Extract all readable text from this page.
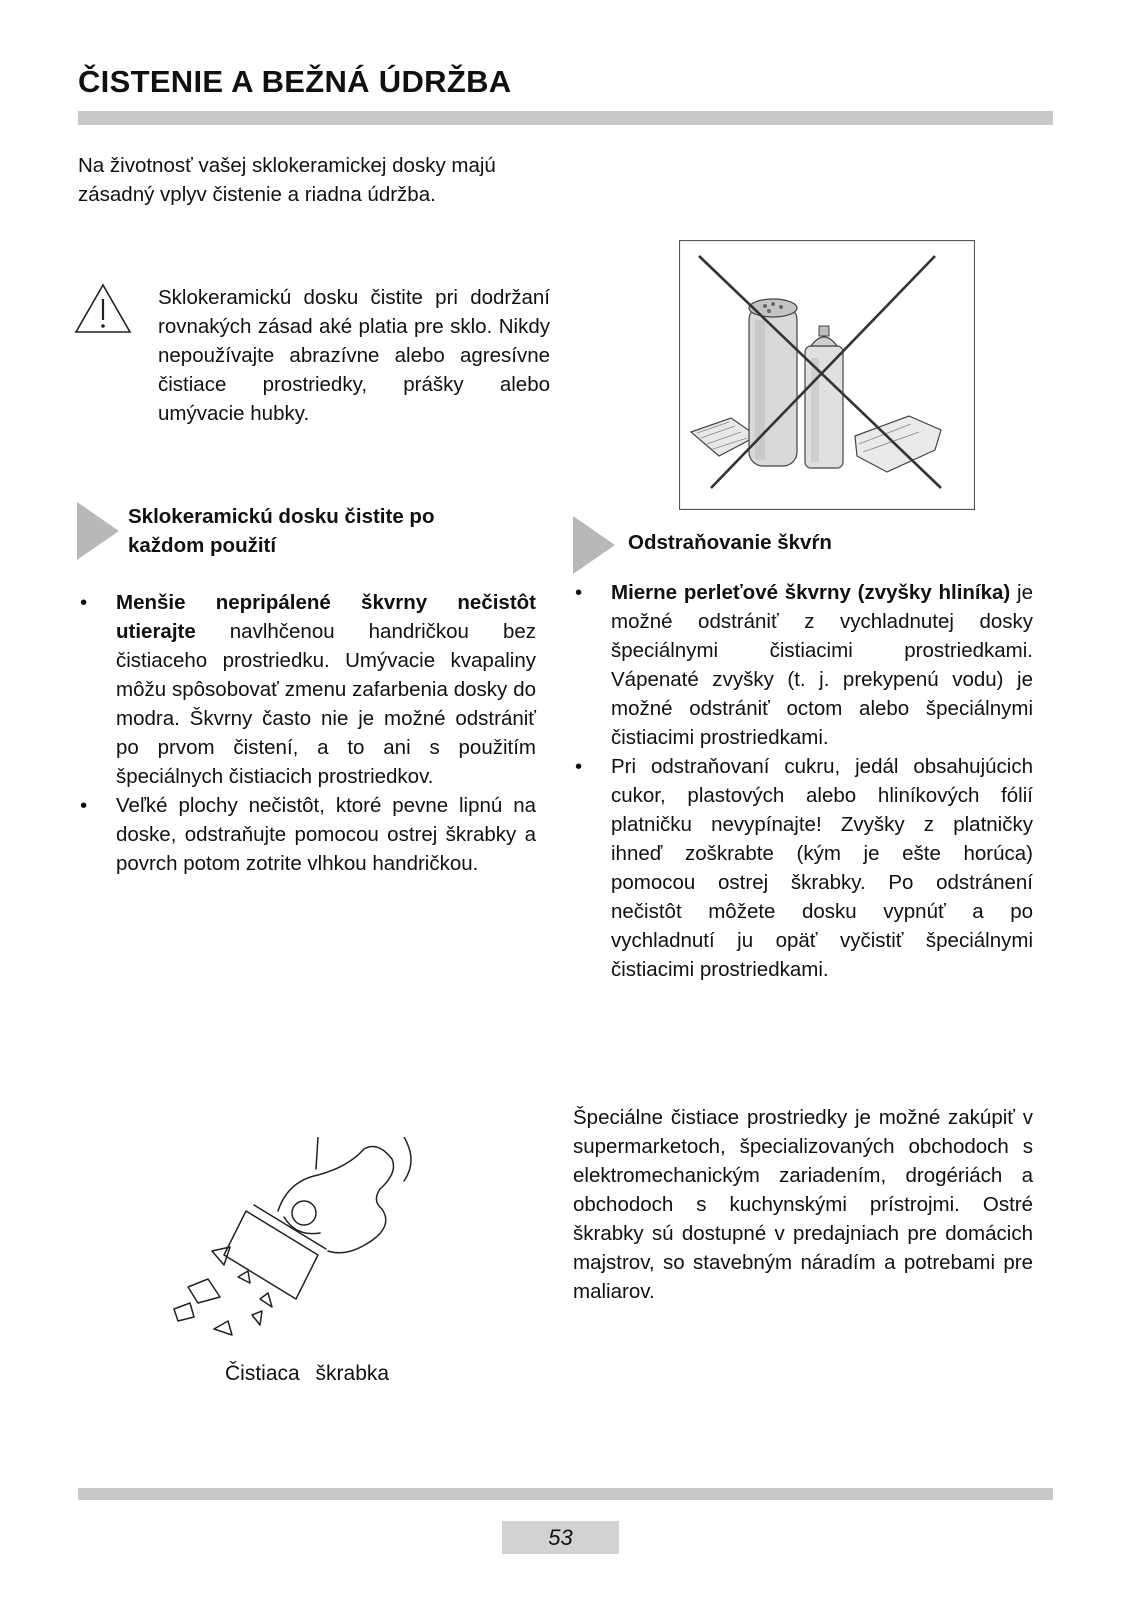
ČISTENIE A BEŽNÁ ÚDRŽBA
Na životnosť vašej sklokeramickej dosky majú
zásadný vplyv čistenie a riadna údržba.
Sklokeramickú dosku čistite pri dodržaní rovnakých zásad aké platia pre sklo. Nikdy nepoužívajte abrazívne alebo agresívne čistiace prostriedky, prášky alebo umývacie hubky.
Sklokeramickú dosku čistite po
každom použití
• Menšie nepripálené škvrny nečistôt utierajte navlhčenou handričkou bez čistiaceho prostriedku. Umývacie kvapaliny môžu spôsobovať zmenu zafarbenia dosky do modra. Škvrny často nie je možné odstrániť po prvom čistení, a to ani s použitím špeciálnych čistiacich prostriedkov.
• Veľké plochy nečistôt, ktoré pevne lipnú na doske, odstraňujte pomocou ostrej škrabky a povrch potom zotrite vlhkou handričkou.
Odstraňovanie škvŕn
• Mierne perleťové škvrny (zvyšky hliníka) je možné odstrániť z vychladnutej dosky špeciálnymi čistiacimi prostriedkami. Vápenaté zvyšky (t. j. prekypenú vodu) je možné odstrániť octom alebo špeciálnymi čistiacimi prostriedkami.
• Pri odstraňovaní cukru, jedál obsahujúcich cukor, plastových alebo hliníkových fólií platničku nevypínajte! Zvyšky z platničky ihneď zoškrabte (kým je ešte horúca) pomocou ostrej škrabky. Po odstránení nečistôt môžete dosku vypnúť a po vychladnutí ju opäť vyčistiť špeciálnymi čistiacimi prostriedkami.
Čistiaca škrabka
Špeciálne čistiace prostriedky je možné zakúpiť v supermarketoch, špecializovaných obchodoch s elektromechanickým zariadením, drogériách a obchodoch s kuchynskými prístrojmi. Ostré škrabky sú dostupné v predajniach pre domácich majstrov, so stavebným náradím a potrebami pre maliarov.
53
